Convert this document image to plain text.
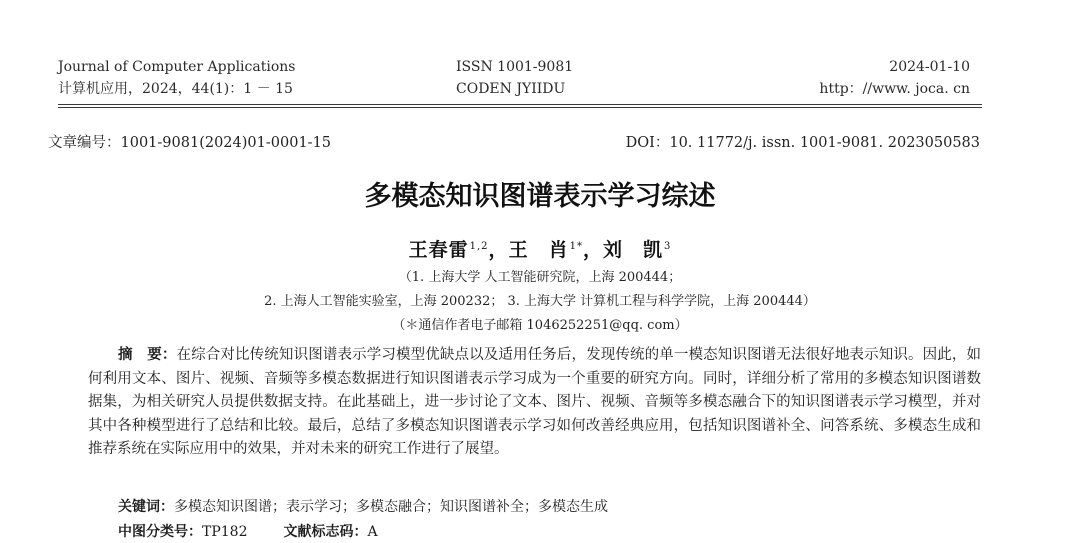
Journal of Computer Applications
计算机应用，2024，44(1)：1 － 15
ISSN 1001-9081
CODEN JYIIDU
2024-01-10
http：//www. joca. cn
文章编号：1001-9081(2024)01-0001-15	DOI：10. 11772/j. issn. 1001-9081. 2023050583
多模态知识图谱表示学习综述
王春雷$^{1,2}$，王　肖$^{1*}$，刘　凯$^3$
（1. 上海大学 人工智能研究院，上海 200444；
2. 上海人工智能实验室，上海 200232； 3. 上海大学 计算机工程与科学学院，上海 200444）
（＊通信作者电子邮箱 1046252251@qq. com）

摘　要：在综合对比传统知识图谱表示学习模型优缺点以及适用任务后，发现传统的单一模态知识图谱无法很好地表示知识。因此，如何利用文本、图片、视频、音频等多模态数据进行知识图谱表示学习成为一个重要的研究方向。同时，详细分析了常用的多模态知识图谱数据集，为相关研究人员提供数据支持。在此基础上，进一步讨论了文本、图片、视频、音频等多模态融合下的知识图谱表示学习模型，并对其中各种模型进行了总结和比较。最后，总结了多模态知识图谱表示学习如何改善经典应用，包括知识图谱补全、问答系统、多模态生成和推荐系统在实际应用中的效果，并对未来的研究工作进行了展望。

关键词：多模态知识图谱；表示学习；多模态融合；知识图谱补全；多模态生成
中图分类号：TP182	文献标志码：A
